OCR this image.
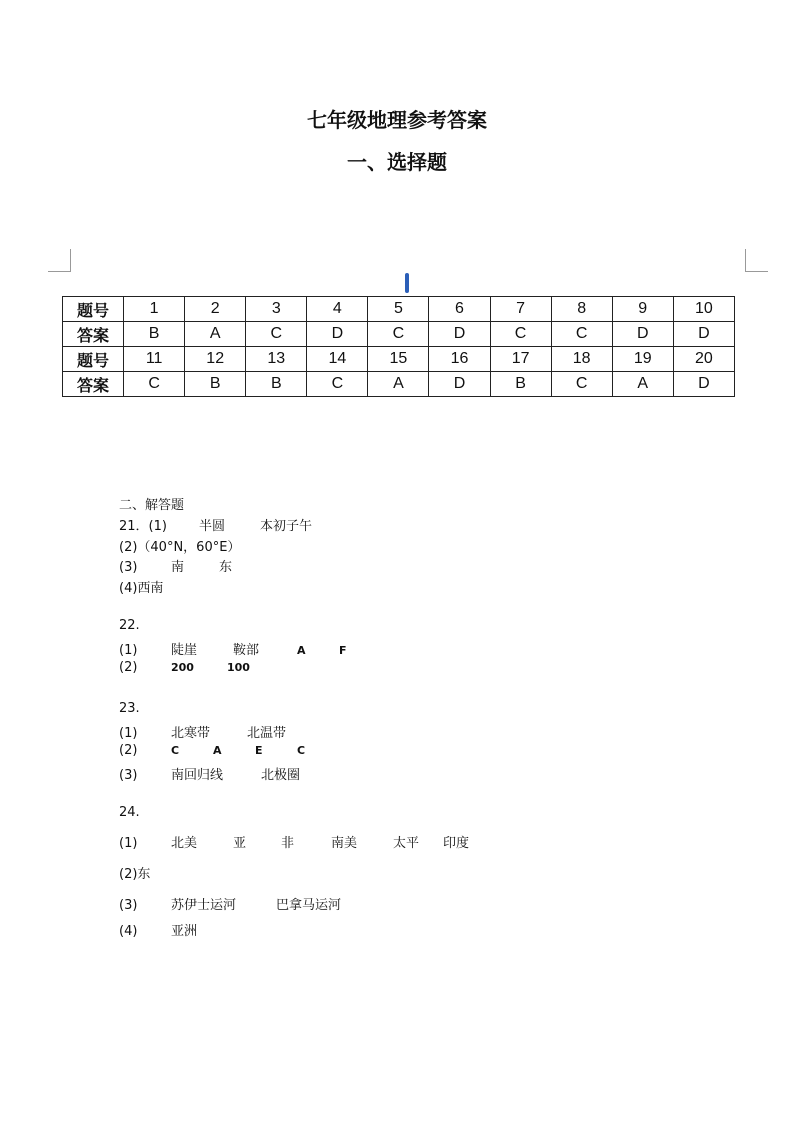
七年级地理参考答案
一、选择题
题号	1	2	3	4	5	6	7	8	9	10
答案	B	A	C	D	C	D	C	C	D	D
题号	11	12	13	14	15	16	17	18	19	20
答案	C	B	B	C	A	D	B	C	A	D
二、解答题
21．(1) 半圆	本初子午
(2)（40°N，60°E）
(3)	南	东
(4)西南
22.
(1)	陡崖	鞍部	A	F
(2)	200	100
23.
(1)	北寒带	北温带
(2)	C	A	E	C
(3)	南回归线	北极圈
24.
(1)	北美	亚	非	南美	太平 印度
(2)东
(3)	苏伊士运河	巴拿马运河
(4)	亚洲
